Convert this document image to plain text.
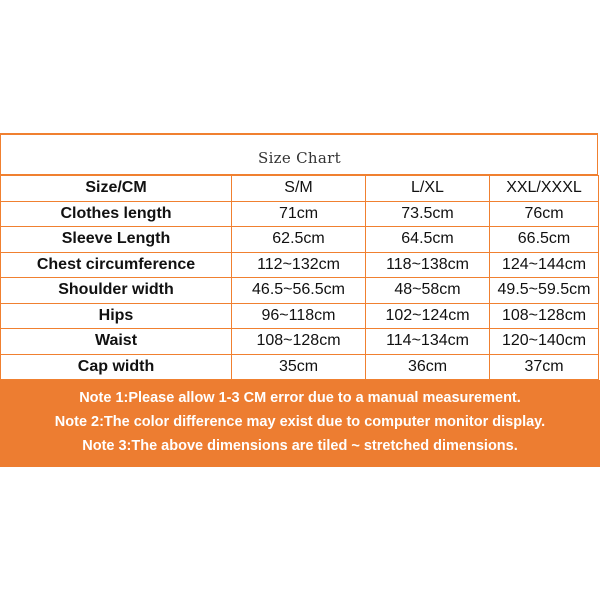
Size Chart
Size/CM	S/M	L/XL	XXL/XXXL
Clothes length	71cm	73.5cm	76cm
Sleeve Length	62.5cm	64.5cm	66.5cm
Chest circumference	112~132cm	118~138cm	124~144cm
Shoulder width	46.5~56.5cm	48~58cm	49.5~59.5cm
Hips	96~118cm	102~124cm	108~128cm
Waist	108~128cm	114~134cm	120~140cm
Cap width	35cm	36cm	37cm
Note 1:Please allow 1-3 CM error due to a manual measurement.
Note 2:The color difference may exist due to computer monitor display.
Note 3:The above dimensions are tiled ~ stretched dimensions.
